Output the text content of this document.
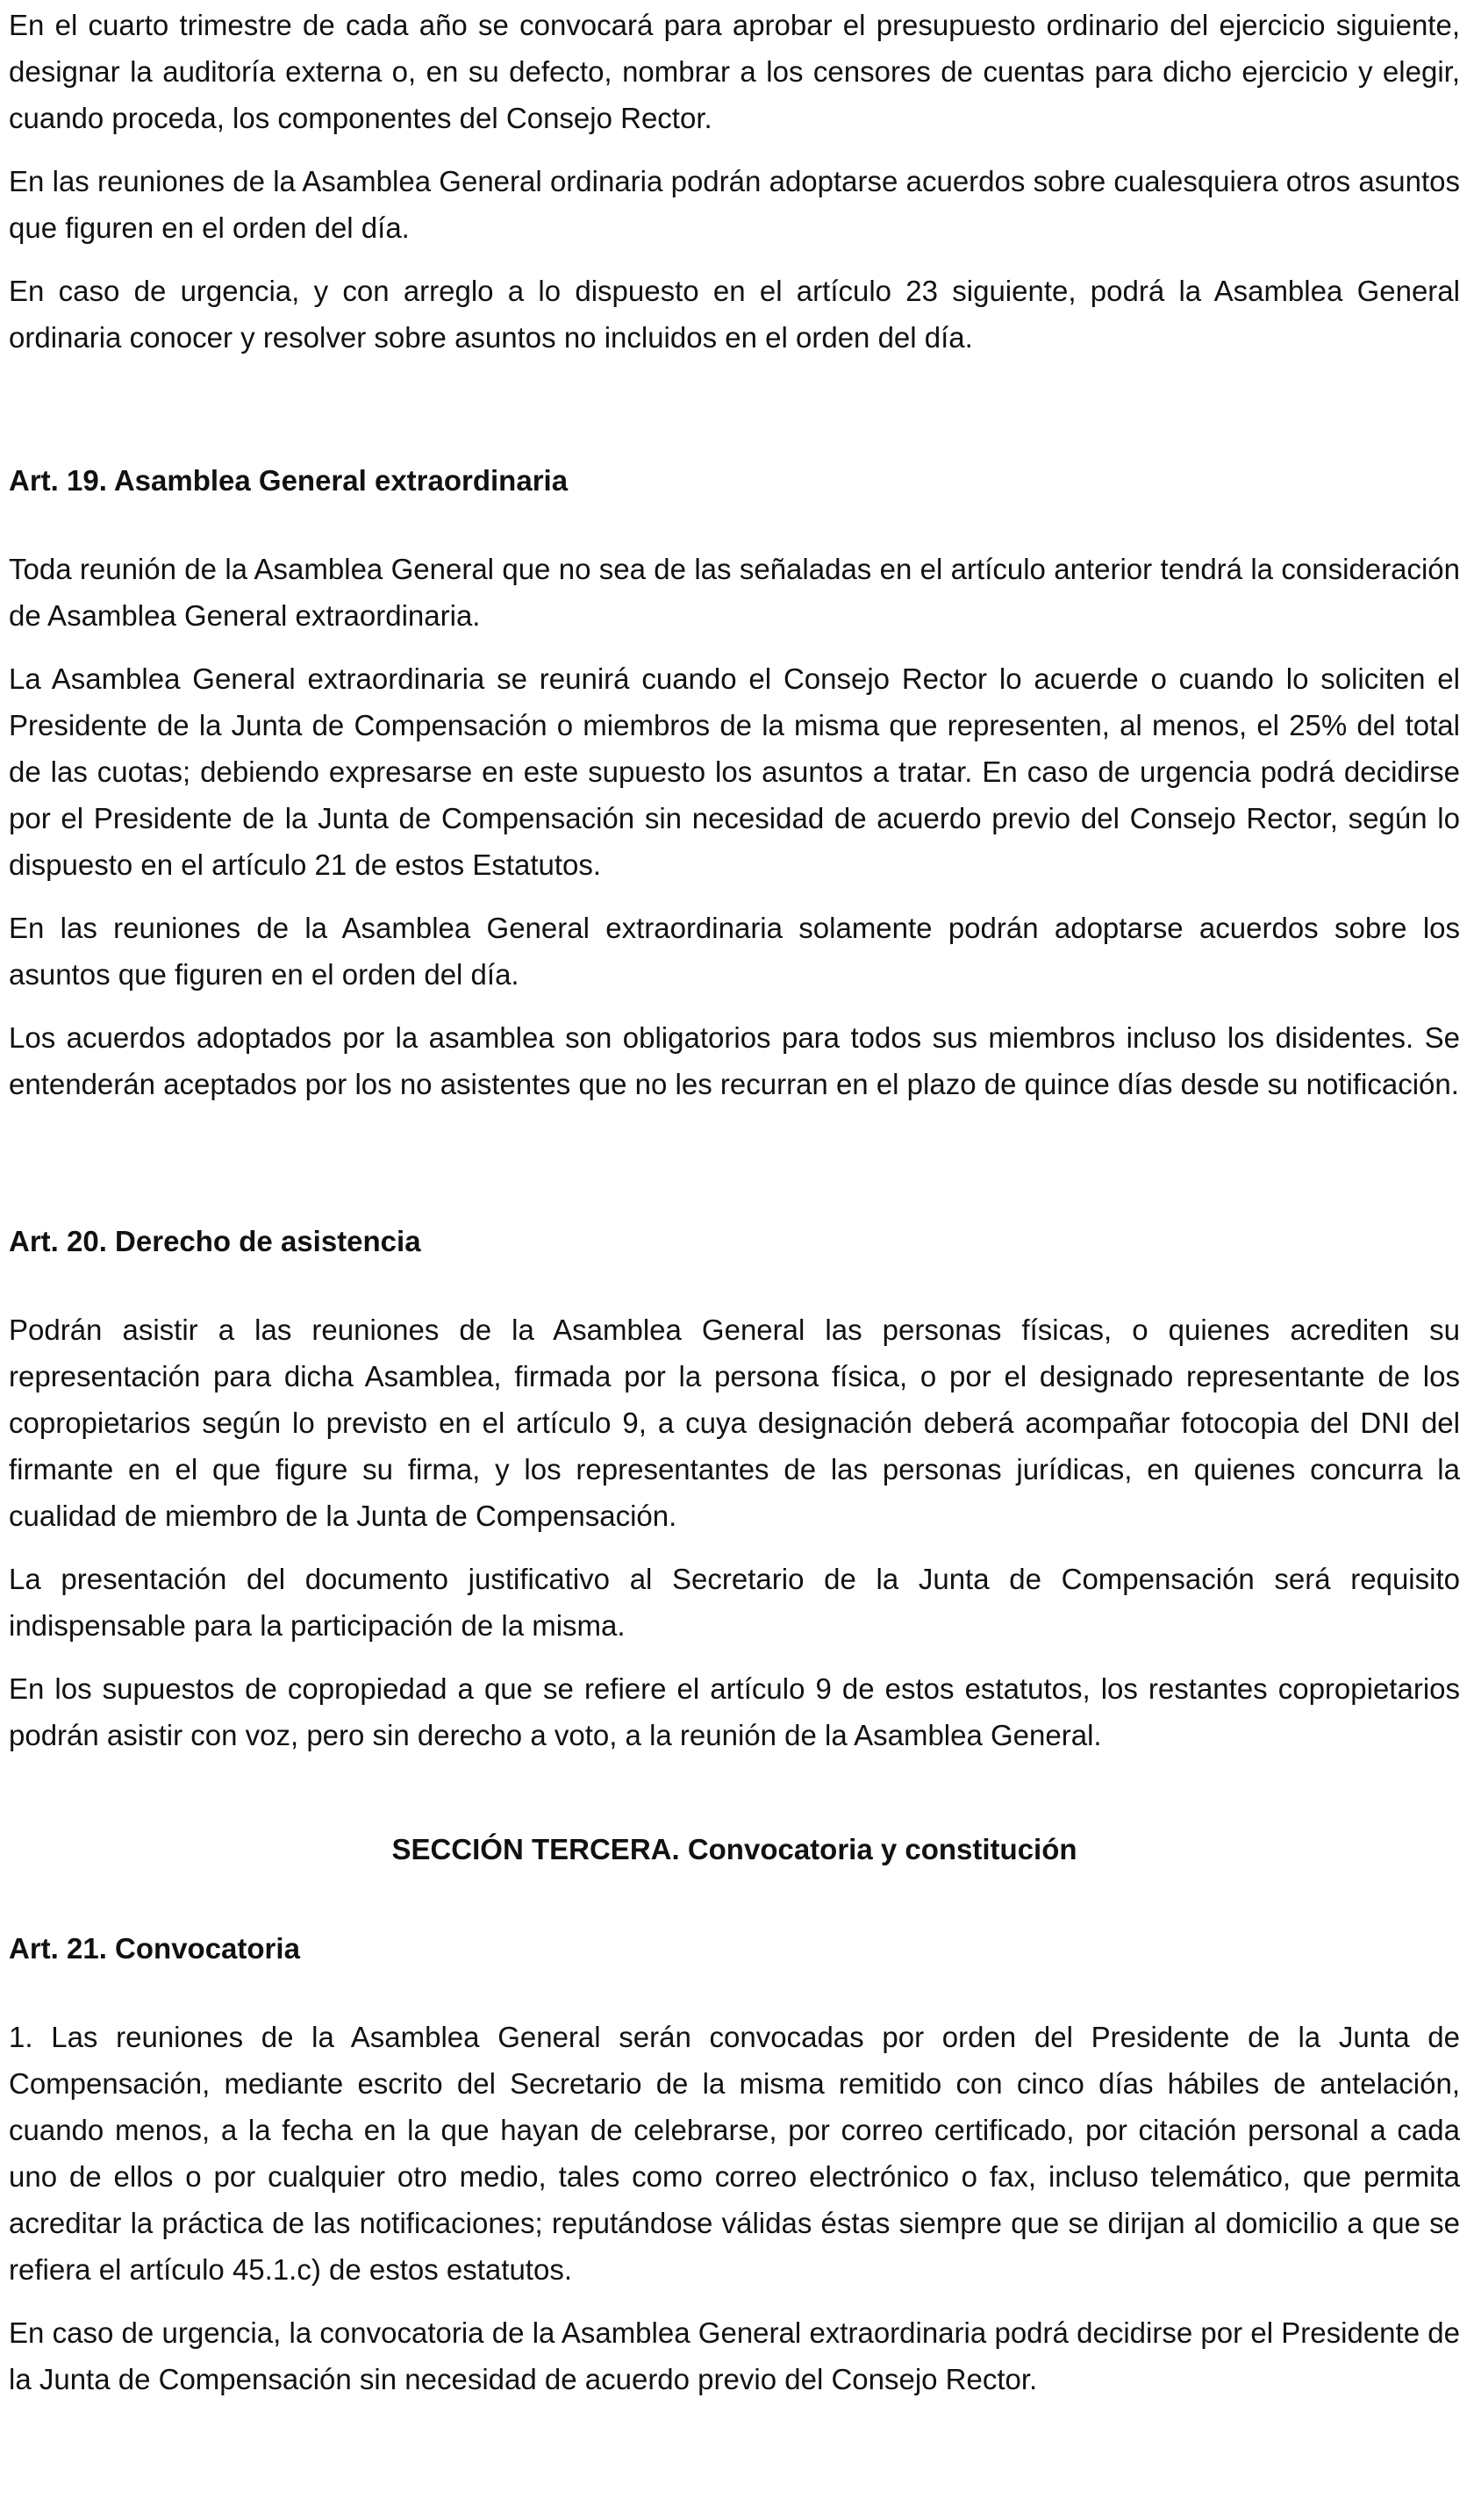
En el cuarto trimestre de cada año se convocará para aprobar el presupuesto ordinario del ejercicio siguiente, designar la auditoría externa o, en su defecto, nombrar a los censores de cuentas para dicho ejercicio y elegir, cuando proceda, los componentes del Consejo Rector.

En las reuniones de la Asamblea General ordinaria podrán adoptarse acuerdos sobre cualesquiera otros asuntos que figuren en el orden del día.

En caso de urgencia, y con arreglo a lo dispuesto en el artículo 23 siguiente, podrá la Asamblea General ordinaria conocer y resolver sobre asuntos no incluidos en el orden del día.

Art. 19. Asamblea General extraordinaria

Toda reunión de la Asamblea General que no sea de las señaladas en el artículo anterior tendrá la consideración de Asamblea General extraordinaria.

La Asamblea General extraordinaria se reunirá cuando el Consejo Rector lo acuerde o cuando lo soliciten el Presidente de la Junta de Compensación o miembros de la misma que representen, al menos, el 25% del total de las cuotas; debiendo expresarse en este supuesto los asuntos a tratar. En caso de urgencia podrá decidirse por el Presidente de la Junta de Compensación sin necesidad de acuerdo previo del Consejo Rector, según lo dispuesto en el artículo 21 de estos Estatutos.

En las reuniones de la Asamblea General extraordinaria solamente podrán adoptarse acuerdos sobre los asuntos que figuren en el orden del día.

Los acuerdos adoptados por la asamblea son obligatorios para todos sus miembros incluso los disidentes. Se entenderán aceptados por los no asistentes que no les recurran en el plazo de quince días desde su notificación.

Art. 20. Derecho de asistencia

Podrán asistir a las reuniones de la Asamblea General las personas físicas, o quienes acrediten su representación para dicha Asamblea, firmada por la persona física, o por el designado representante de los copropietarios según lo previsto en el artículo 9, a cuya designación deberá acompañar fotocopia del DNI del firmante en el que figure su firma, y los representantes de las personas jurídicas, en quienes concurra la cualidad de miembro de la Junta de Compensación.

La presentación del documento justificativo al Secretario de la Junta de Compensación será requisito indispensable para la participación de la misma.

En los supuestos de copropiedad a que se refiere el artículo 9 de estos estatutos, los restantes copropietarios podrán asistir con voz, pero sin derecho a voto, a la reunión de la Asamblea General.

SECCIÓN TERCERA. Convocatoria y constitución
Art. 21. Convocatoria

1. Las reuniones de la Asamblea General serán convocadas por orden del Presidente de la Junta de Compensación, mediante escrito del Secretario de la misma remitido con cinco días hábiles de antelación, cuando menos, a la fecha en la que hayan de celebrarse, por correo certificado, por citación personal a cada uno de ellos o por cualquier otro medio, tales como correo electrónico o fax, incluso telemático, que permita acreditar la práctica de las notificaciones; reputándose válidas éstas siempre que se dirijan al domicilio a que se refiera el artículo 45.1.c) de estos estatutos.

En caso de urgencia, la convocatoria de la Asamblea General extraordinaria podrá decidirse por el Presidente de la Junta de Compensación sin necesidad de acuerdo previo del Consejo Rector.
